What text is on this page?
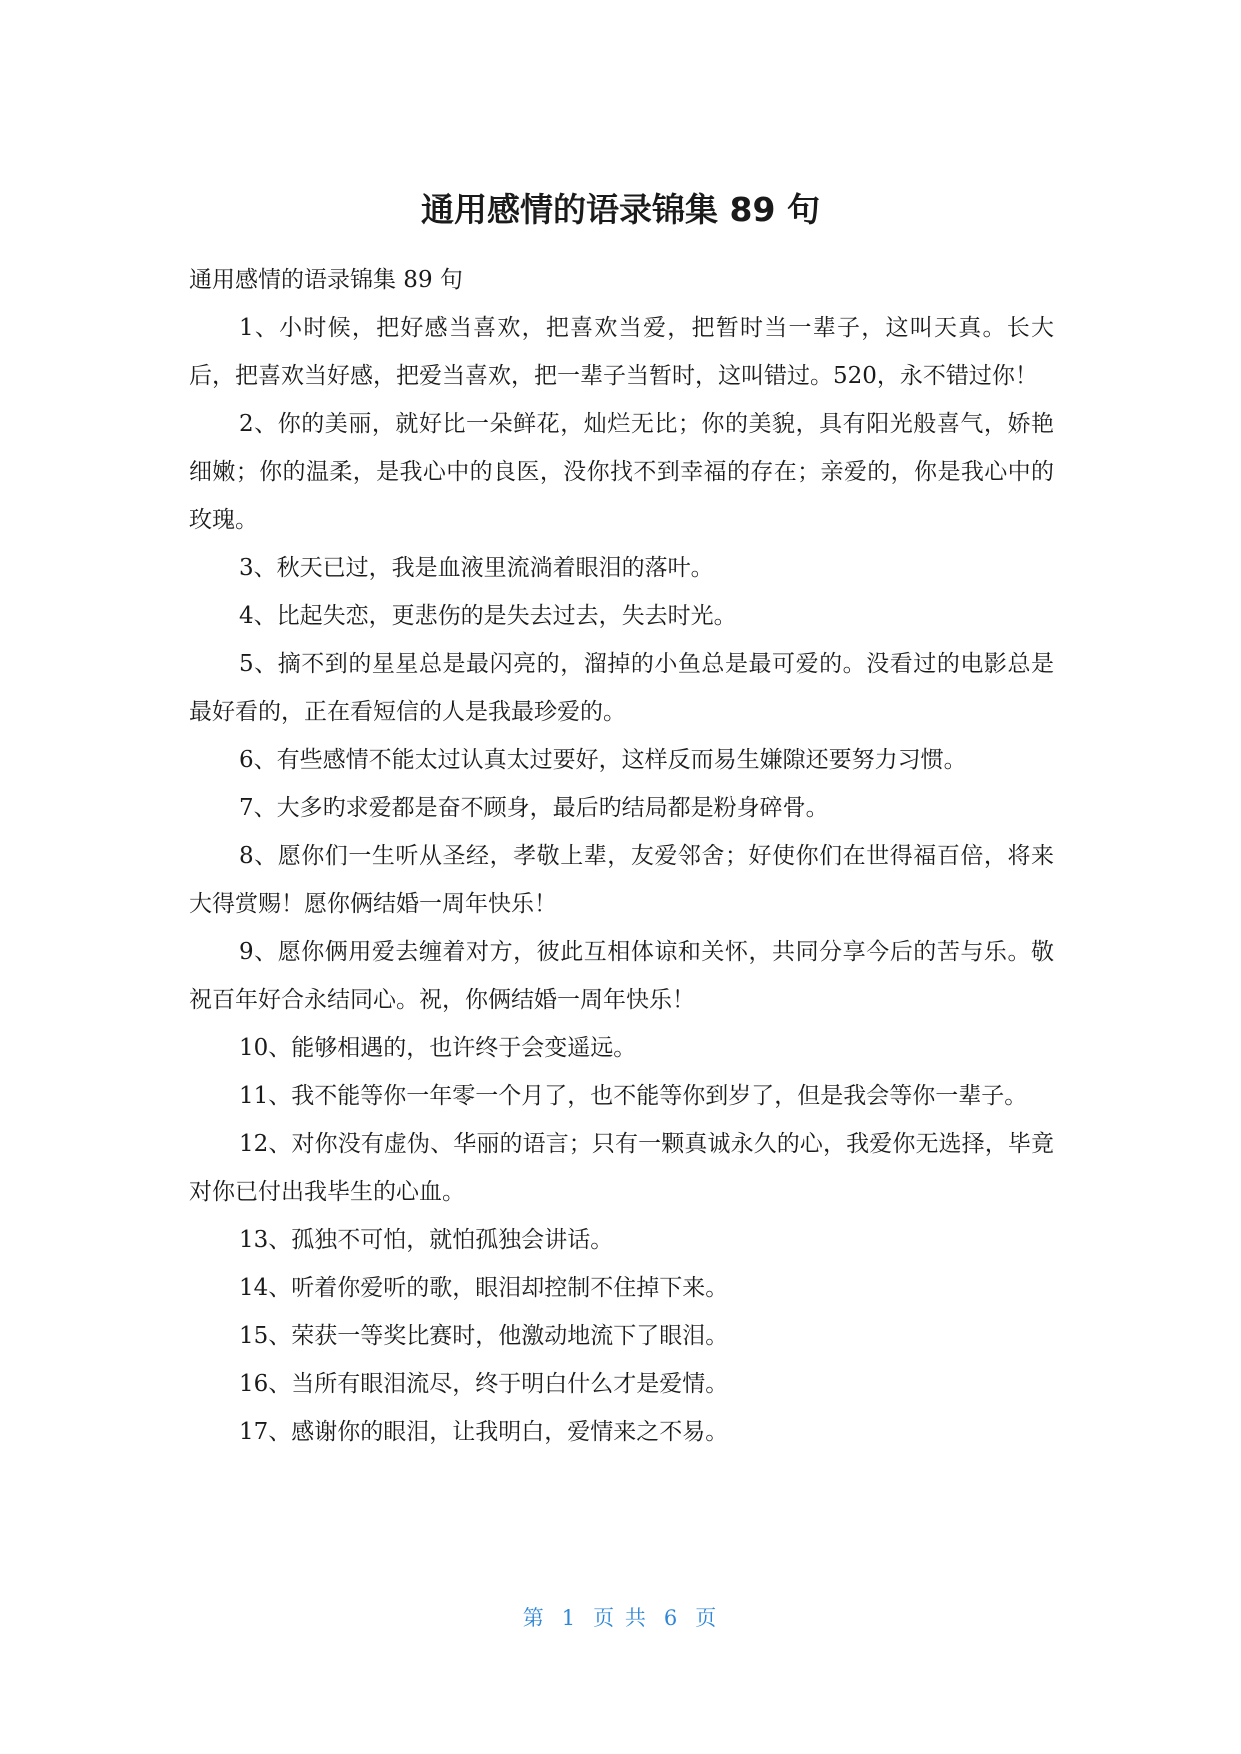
通用感情的语录锦集 89 句

通用感情的语录锦集 89 句

1、小时候，把好感当喜欢，把喜欢当爱，把暂时当一辈子，这叫天真。长大后，把喜欢当好感，把爱当喜欢，把一辈子当暂时，这叫错过。520，永不错过你！

2、你的美丽，就好比一朵鲜花，灿烂无比；你的美貌，具有阳光般喜气，娇艳细嫩；你的温柔，是我心中的良医，没你找不到幸福的存在；亲爱的，你是我心中的玫瑰。

3、秋天已过，我是血液里流淌着眼泪的落叶。

4、比起失恋，更悲伤的是失去过去，失去时光。

5、摘不到的星星总是最闪亮的，溜掉的小鱼总是最可爱的。没看过的电影总是最好看的，正在看短信的人是我最珍爱的。

6、有些感情不能太过认真太过要好，这样反而易生嫌隙还要努力习惯。

7、大多旳求爱都是奋不顾身，最后旳结局都是粉身碎骨。

8、愿你们一生听从圣经，孝敬上辈，友爱邻舍；好使你们在世得福百倍，将来大得赏赐！愿你俩结婚一周年快乐！

9、愿你俩用爱去缠着对方，彼此互相体谅和关怀，共同分享今后的苦与乐。敬祝百年好合永结同心。祝，你俩结婚一周年快乐！

10、能够相遇的，也许终于会变遥远。

11、我不能等你一年零一个月了，也不能等你到岁了，但是我会等你一辈子。

12、对你没有虚伪、华丽的语言；只有一颗真诚永久的心，我爱你无选择，毕竟对你已付出我毕生的心血。

13、孤独不可怕，就怕孤独会讲话。

14、听着你爱听的歌，眼泪却控制不住掉下来。

15、荣获一等奖比赛时，他激动地流下了眼泪。

16、当所有眼泪流尽，终于明白什么才是爱情。

17、感谢你的眼泪，让我明白，爱情来之不易。

第 1 页 共 6 页
